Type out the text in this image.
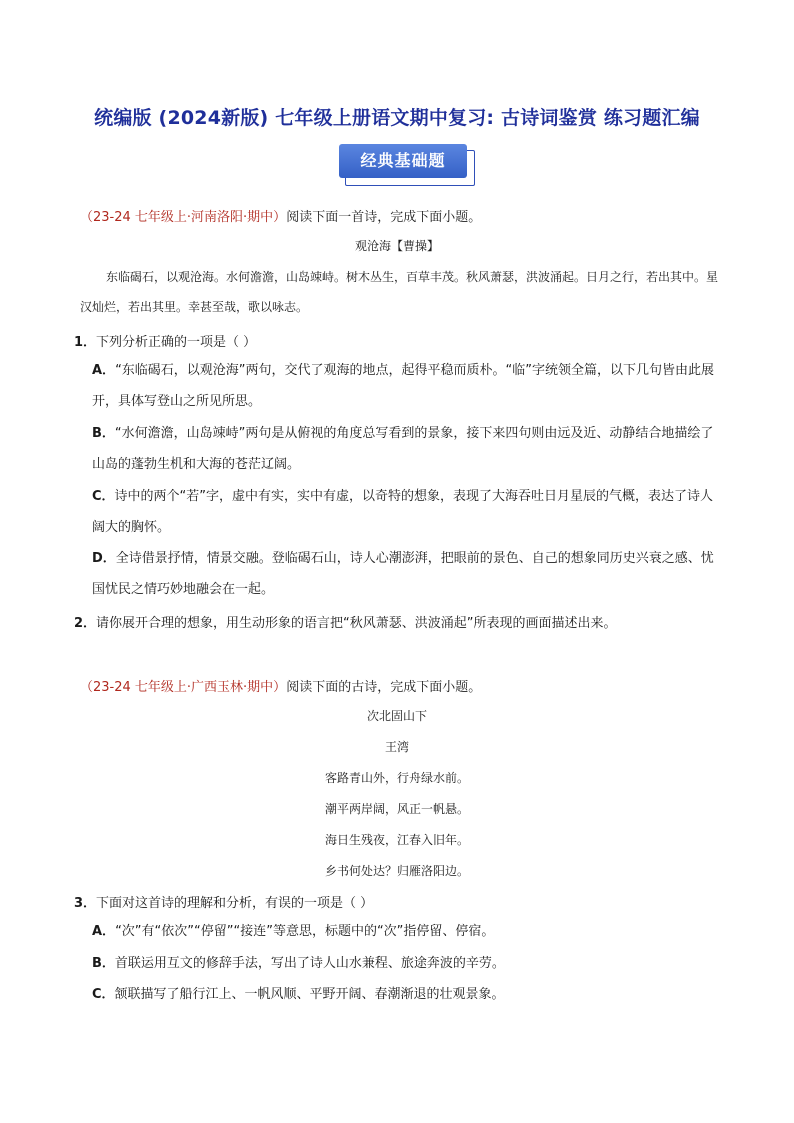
统编版 (2024新版) 七年级上册语文期中复习: 古诗词鉴赏 练习题汇编
经典基础题
（23-24 七年级上·河南洛阳·期中）阅读下面一首诗，完成下面小题。
观沧海【曹操】
东临碣石，以观沧海。水何澹澹，山岛竦峙。树木丛生，百草丰茂。秋风萧瑟，洪波涌起。日月之行，若出其中。星汉灿烂，若出其里。幸甚至哉，歌以咏志。
1．下列分析正确的一项是（ ）
A．“东临碣石，以观沧海”两句，交代了观海的地点，起得平稳而质朴。“临”字统领全篇，以下几句皆由此展开，具体写登山之所见所思。
B．“水何澹澹，山岛竦峙”两句是从俯视的角度总写看到的景象，接下来四句则由远及近、动静结合地描绘了山岛的蓬勃生机和大海的苍茫辽阔。
C．诗中的两个“若”字，虚中有实，实中有虚，以奇特的想象，表现了大海吞吐日月星辰的气概，表达了诗人阔大的胸怀。
D．全诗借景抒情，情景交融。登临碣石山，诗人心潮澎湃，把眼前的景色、自己的想象同历史兴衰之感、忧国忧民之情巧妙地融会在一起。
2．请你展开合理的想象，用生动形象的语言把“秋风萧瑟、洪波涌起”所表现的画面描述出来。
（23-24 七年级上·广西玉林·期中）阅读下面的古诗，完成下面小题。
次北固山下
王湾
客路青山外，行舟绿水前。
潮平两岸阔，风正一帆悬。
海日生残夜，江春入旧年。
乡书何处达？归雁洛阳边。
3．下面对这首诗的理解和分析，有误的一项是（ ）
A．“次”有“依次”“停留”“接连”等意思，标题中的“次”指停留、停宿。
B．首联运用互文的修辞手法，写出了诗人山水兼程、旅途奔波的辛劳。
C．颔联描写了船行江上、一帆风顺、平野开阔、春潮渐退的壮观景象。
